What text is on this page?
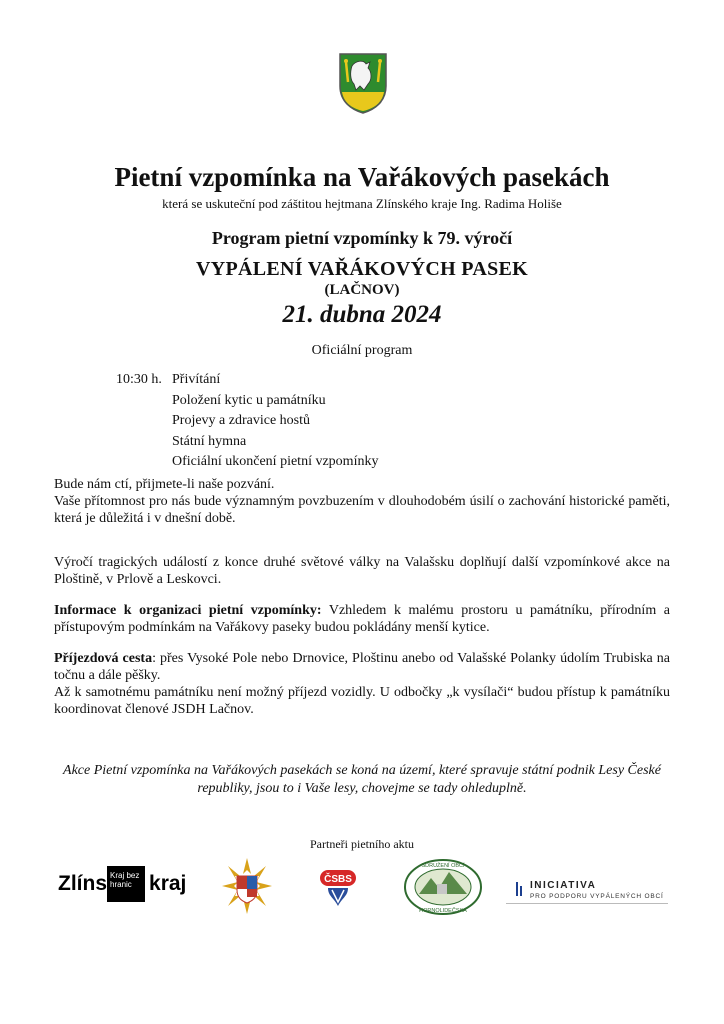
Pietní vzpomínka na Vařákových pasekách
která se uskuteční pod záštitou hejtmana Zlínského kraje Ing. Radima Holiše
Program pietní vzpomínky k 79. výročí
VYPÁLENÍ VAŘÁKOVÝCH PASEK
(LAČNOV)
21. dubna 2024
Oficiální program
10:30 h. Přivítání
Položení kytic u památníku
Projevy a zdravice hostů
Státní hymna
Oficiální ukončení pietní vzpomínky
Bude nám ctí, přijmete-li naše pozvání.
Vaše přítomnost pro nás bude významným povzbuzením v dlouhodobém úsilí o zachování historické paměti, která je důležitá i v dnešní době.
Výročí tragických událostí z konce druhé světové války na Valašsku doplňují další vzpomínkové akce na Ploštině, v Prlově a Leskovci.
Informace k organizaci pietní vzpomínky: Vzhledem k malému prostoru u památníku, přírodním a přístupovým podmínkám na Vařákovy paseky budou pokládány menší kytice.
Příjezdová cesta: přes Vysoké Pole nebo Drnovice, Ploštinu anebo od Valašské Polanky údolím Trubiska na točnu a dále pěšky.
Až k samotnému památníku není možný příjezd vozidly. U odbočky „k vysílači“ budou přístup k památníku koordinovat členové JSDH Lačnov.
Akce Pietní vzpomínka na Vařákových pasekách se koná na území, které spravuje státní podnik Lesy České republiky, jsou to i Vaše lesy, chovejme se tady ohleduplně.
Partneři pietního aktu
Zlíns Kraj bez hranic kraj	ČSBS
SDRUŽENÍ OBCÍ
HORNOLIDEČSKA
INICIATIVA
PRO PODPORU VYPÁLENÝCH OBCÍ
